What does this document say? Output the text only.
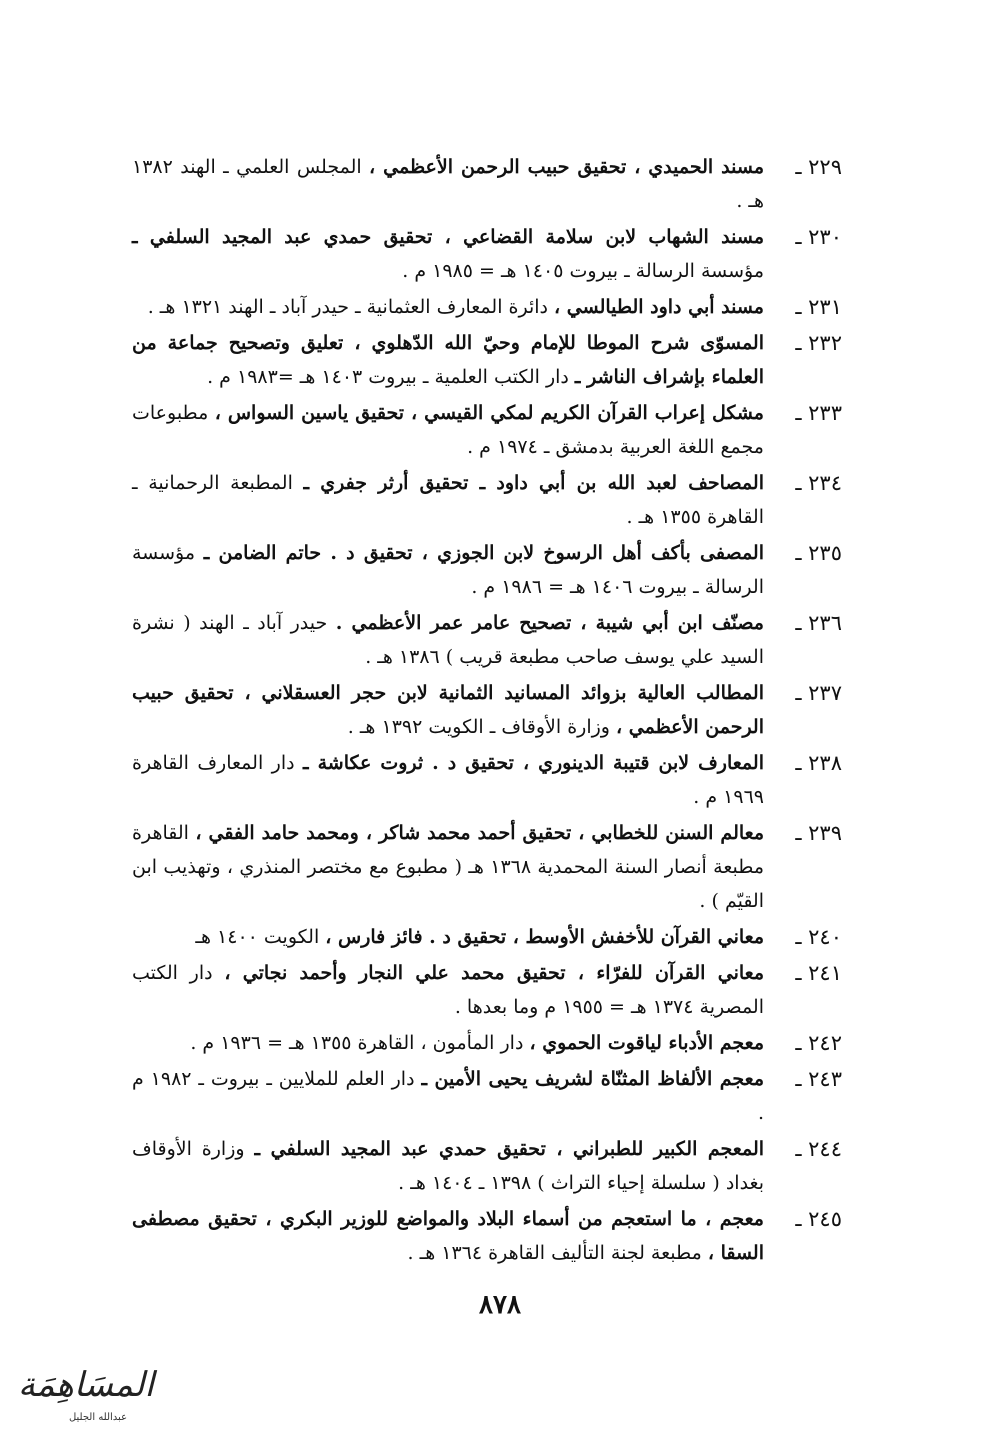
٢٢٩ ـ
مسند الحميدي ، تحقيق حبيب الرحمن الأعظمي ، المجلس العلمي ـ الهند ١٣٨٢ هـ .
٢٣٠ ـ
مسند الشهاب لابن سلامة القضاعي ، تحقيق حمدي عبد المجيد السلفي ـ مؤسسة الرسالة ـ بيروت ١٤٠٥ هـ = ١٩٨٥ م .
٢٣١ ـ
مسند أبي داود الطيالسي ، دائرة المعارف العثمانية ـ حيدر آباد ـ الهند ١٣٢١ هـ .
٢٣٢ ـ
المسوّى شرح الموطا للإمام وحيّ الله الدّهلوي ، تعليق وتصحيح جماعة من العلماء بإشراف الناشر ـ دار الكتب العلمية ـ بيروت ١٤٠٣ هـ =١٩٨٣ م .
٢٣٣ ـ
مشكل إعراب القرآن الكريم لمكي القيسي ، تحقيق ياسين السواس ، مطبوعات مجمع اللغة العربية بدمشق ـ ١٩٧٤ م .
٢٣٤ ـ
المصاحف لعبد الله بن أبي داود ـ تحقيق أرثر جفري ـ المطبعة الرحمانية ـ القاهرة ١٣٥٥ هـ .
٢٣٥ ـ
المصفى بأكف أهل الرسوخ لابن الجوزي ، تحقيق د . حاتم الضامن ـ مؤسسة الرسالة ـ بيروت ١٤٠٦ هـ = ١٩٨٦ م .
٢٣٦ ـ
مصنّف ابن أبي شيبة ، تصحيح عامر عمر الأعظمي . حيدر آباد ـ الهند ( نشرة السيد علي يوسف صاحب مطبعة قريب ) ١٣٨٦ هـ .
٢٣٧ ـ
المطالب العالية بزوائد المسانيد الثمانية لابن حجر العسقلاني ، تحقيق حبيب الرحمن الأعظمي ، وزارة الأوقاف ـ الكويت ١٣٩٢ هـ .
٢٣٨ ـ
المعارف لابن قتيبة الدينوري ، تحقيق د . ثروت عكاشة ـ دار المعارف القاهرة ١٩٦٩ م .
٢٣٩ ـ
معالم السنن للخطابي ، تحقيق أحمد محمد شاكر ، ومحمد حامد الفقي ، القاهرة مطبعة أنصار السنة المحمدية ١٣٦٨ هـ ( مطبوع مع مختصر المنذري ، وتهذيب ابن القيّم ) .
٢٤٠ ـ
معاني القرآن للأخفش الأوسط ، تحقيق د . فائز فارس ، الكويت ١٤٠٠ هـ
٢٤١ ـ
معاني القرآن للفرّاء ، تحقيق محمد علي النجار وأحمد نجاتي ، دار الكتب المصرية ١٣٧٤ هـ = ١٩٥٥ م وما بعدها .
٢٤٢ ـ
معجم الأدباء لياقوت الحموي ، دار المأمون ، القاهرة ١٣٥٥ هـ = ١٩٣٦ م .
٢٤٣ ـ
معجم الألفاظ المثنّاة لشريف يحيى الأمين ـ دار العلم للملايين ـ بيروت ـ ١٩٨٢ م .
٢٤٤ ـ
المعجم الكبير للطبراني ، تحقيق حمدي عبد المجيد السلفي ـ وزارة الأوقاف بغداد ( سلسلة إحياء التراث ) ١٣٩٨ ـ ١٤٠٤ هـ .
٢٤٥ ـ
معجم ، ما استعجم من أسماء البلاد والمواضع للوزير البكري ، تحقيق مصطفى السقا ، مطبعة لجنة التأليف القاهرة ١٣٦٤ هـ .
٨٧٨
المسَاهِمَة
عبدالله الجليل
